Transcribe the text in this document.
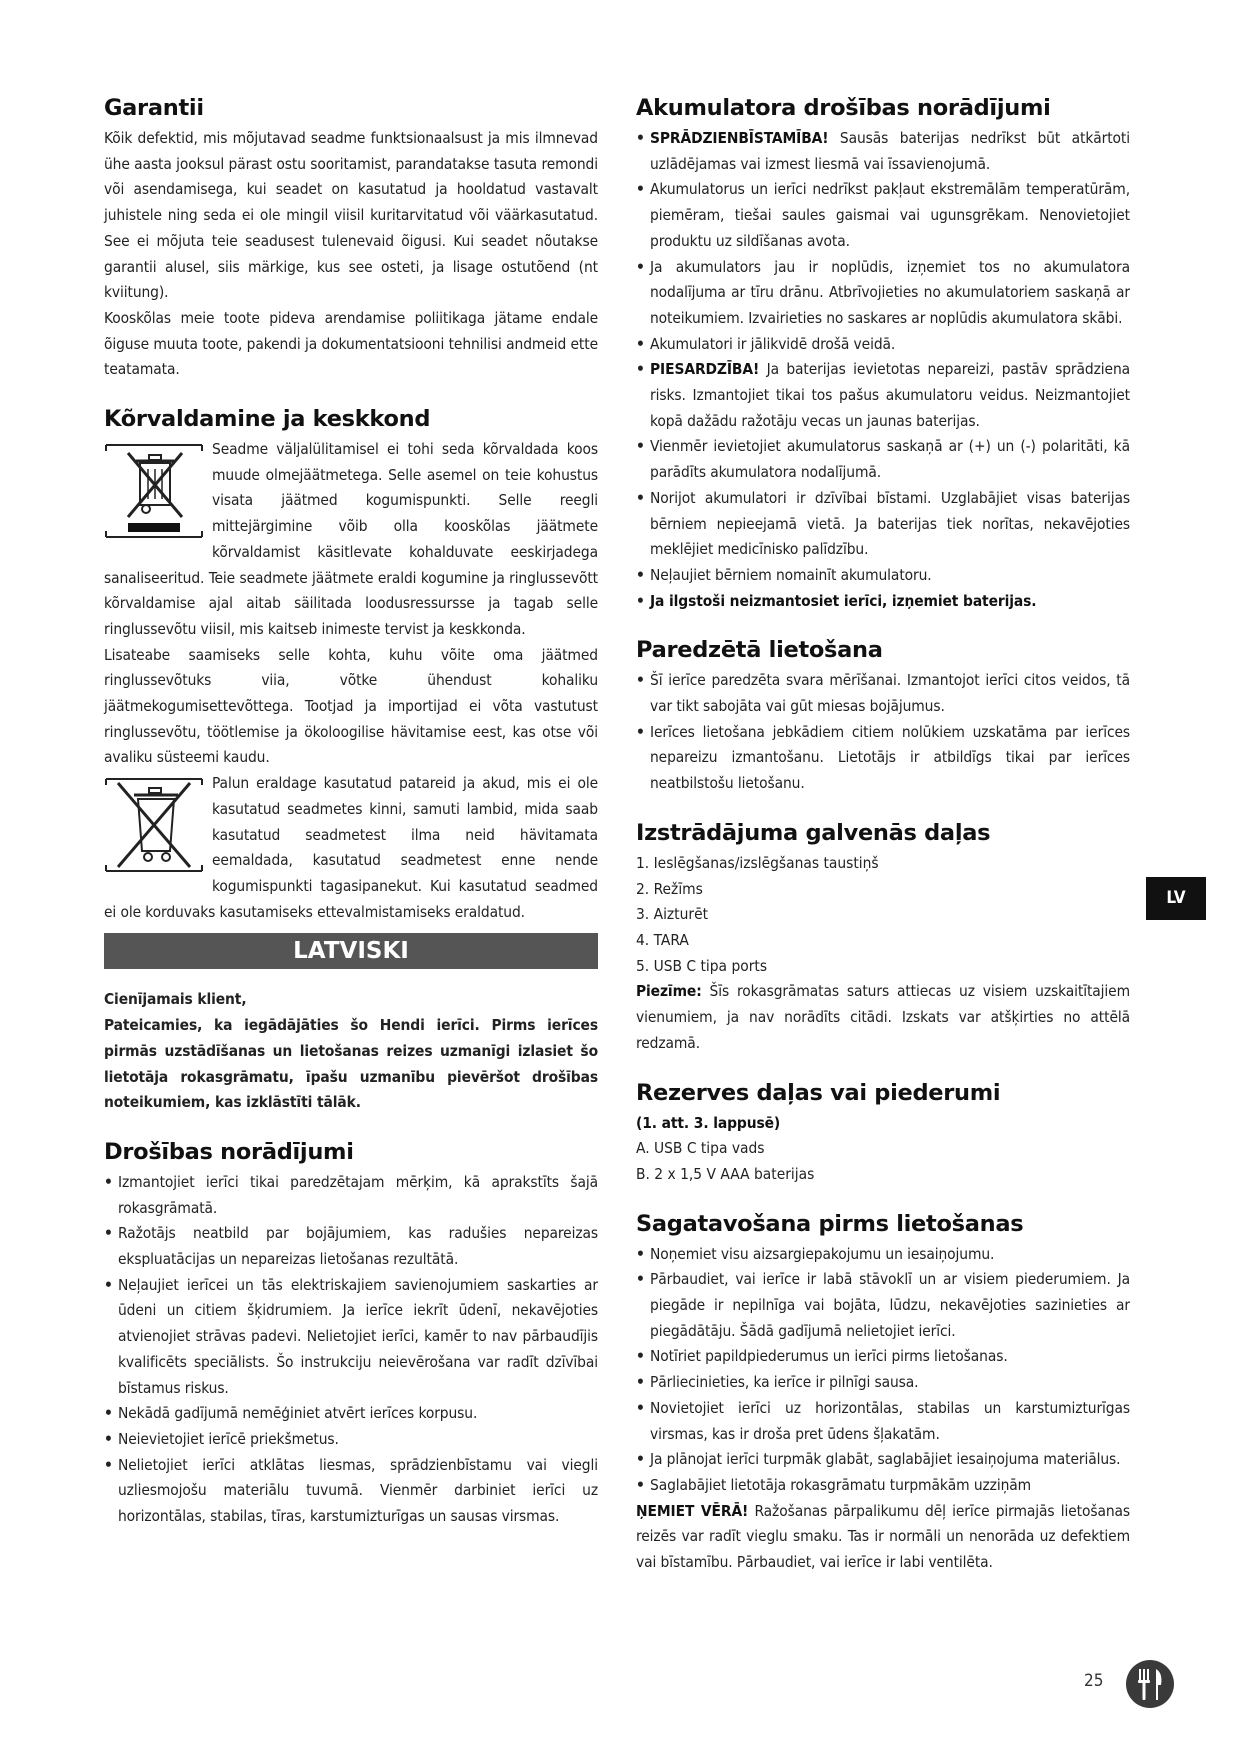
Garantii

Kõik defektid, mis mõjutavad seadme funktsionaalsust ja mis ilmnevad ühe aasta jooksul pärast ostu sooritamist, parandatakse tasuta remondi või asendamisega, kui seadet on kasutatud ja hooldatud vastavalt juhistele ning seda ei ole mingil viisil kuritarvitatud või väärkasutatud. See ei mõjuta teie seadusest tulenevaid õigusi. Kui seadet nõutakse garantii alusel, siis märkige, kus see osteti, ja lisage ostutõend (nt kviitung).

Kooskõlas meie toote pideva arendamise poliitikaga jätame endale õiguse muuta toote, pakendi ja dokumentatsiooni tehnilisi andmeid ette teatamata.

Kõrvaldamine ja keskkond

Seadme väljalülitamisel ei tohi seda kõrvaldada koos muude olmejäätmetega. Selle asemel on teie kohustus visata jäätmed kogumispunkti. Selle reegli mittejärgimine võib olla kooskõlas jäätmete kõrvaldamist käsitlevate kohalduvate eeskirjadega sanaliseeritud. Teie seadmete jäätmete eraldi kogumine ja ringlussevõtt kõrvaldamise ajal aitab säilitada loodusressursse ja tagab selle ringlussevõtu viisil, mis kaitseb inimeste tervist ja keskkonda.

Lisateabe saamiseks selle kohta, kuhu võite oma jäätmed ringlussevõtuks viia, võtke ühendust kohaliku jäätmekogumisettevõttega. Tootjad ja importijad ei võta vastutust ringlussevõtu, töötlemise ja ökoloogilise hävitamise eest, kas otse või avaliku süsteemi kaudu.

Palun eraldage kasutatud patareid ja akud, mis ei ole kasutatud seadmetes kinni, samuti lambid, mida saab kasutatud seadmetest ilma neid hävitamata eemaldada, kasutatud seadmetest enne nende kogumispunkti tagasipanekut. Kui kasutatud seadmed ei ole korduvaks kasutamiseks ettevalmistamiseks eraldatud.

LATVISKI

Cienījamais klient,

Pateicamies, ka iegādājāties šo Hendi ierīci. Pirms ierīces pirmās uzstādīšanas un lietošanas reizes uzmanīgi izlasiet šo lietotāja rokasgrāmatu, īpašu uzmanību pievēršot drošības noteikumiem, kas izklāstīti tālāk.

Drošības norādījumi
• Izmantojiet ierīci tikai paredzētajam mērķim, kā aprakstīts šajā rokasgrāmatā.
• Ražotājs neatbild par bojājumiem, kas radušies nepareizas ekspluatācijas un nepareizas lietošanas rezultātā.
• Neļaujiet ierīcei un tās elektriskajiem savienojumiem saskarties ar ūdeni un citiem šķidrumiem. Ja ierīce iekrīt ūdenī, nekavējoties atvienojiet strāvas padevi. Nelietojiet ierīci, kamēr to nav pārbaudījis kvalificēts speciālists. Šo instrukciju neievērošana var radīt dzīvībai bīstamus riskus.
• Nekādā gadījumā nemēģiniet atvērt ierīces korpusu.
• Neievietojiet ierīcē priekšmetus.
• Nelietojiet ierīci atklātas liesmas, sprādzienbīstamu vai viegli uzliesmojošu materiālu tuvumā. Vienmēr darbiniet ierīci uz horizontālas, stabilas, tīras, karstumizturīgas un sausas virsmas.
Akumulatora drošības norādījumi
• SPRĀDZIENBĪSTAMĪBA! Sausās baterijas nedrīkst būt atkārtoti uzlādējamas vai izmest liesmā vai īssavienojumā.
• Akumulatorus un ierīci nedrīkst pakļaut ekstremālām temperatūrām, piemēram, tiešai saules gaismai vai ugunsgrēkam. Nenovietojiet produktu uz sildīšanas avota.
• Ja akumulators jau ir noplūdis, izņemiet tos no akumulatora nodalījuma ar tīru drānu. Atbrīvojieties no akumulatoriem saskaņā ar noteikumiem. Izvairieties no saskares ar noplūdis akumulatora skābi.
• Akumulatori ir jālikvidē drošā veidā.
• PIESARDZĪBA! Ja baterijas ievietotas nepareizi, pastāv sprādziena risks. Izmantojiet tikai tos pašus akumulatoru veidus. Neizmantojiet kopā dažādu ražotāju vecas un jaunas baterijas.
• Vienmēr ievietojiet akumulatorus saskaņā ar (+) un (-) polaritāti, kā parādīts akumulatora nodalījumā.
• Norijot akumulatori ir dzīvībai bīstami. Uzglabājiet visas baterijas bērniem nepieejamā vietā. Ja baterijas tiek norītas, nekavējoties meklējiet medicīnisko palīdzību.
• Neļaujiet bērniem nomainīt akumulatoru.
• Ja ilgstoši neizmantosiet ierīci, izņemiet baterijas.
Paredzētā lietošana
• Šī ierīce paredzēta svara mērīšanai. Izmantojot ierīci citos veidos, tā var tikt sabojāta vai gūt miesas bojājumus.
• Ierīces lietošana jebkādiem citiem nolūkiem uzskatāma par ierīces nepareizu izmantošanu. Lietotājs ir atbildīgs tikai par ierīces neatbilstošu lietošanu.
Izstrādājuma galvenās daļas
1. Ieslēgšanas/izslēgšanas taustiņš
2. Režīms
3. Aizturēt
4. TARA
5. USB C tipa ports

Piezīme: Šīs rokasgrāmatas saturs attiecas uz visiem uzskaitītajiem vienumiem, ja nav norādīts citādi. Izskats var atšķirties no attēlā redzamā.

Rezerves daļas vai piederumi

(1. att. 3. lappusē)

A. USB C tipa vads
B. 2 x 1,5 V AAA baterijas
Sagatavošana pirms lietošanas
• Noņemiet visu aizsargiepakojumu un iesaiņojumu.
• Pārbaudiet, vai ierīce ir labā stāvoklī un ar visiem piederumiem. Ja piegāde ir nepilnīga vai bojāta, lūdzu, nekavējoties sazinieties ar piegādātāju. Šādā gadījumā nelietojiet ierīci.
• Notīriet papildpiederumus un ierīci pirms lietošanas.
• Pārliecinieties, ka ierīce ir pilnīgi sausa.
• Novietojiet ierīci uz horizontālas, stabilas un karstumizturīgas virsmas, kas ir droša pret ūdens šļakatām.
• Ja plānojat ierīci turpmāk glabāt, saglabājiet iesaiņojuma materiālus.
• Saglabājiet lietotāja rokasgrāmatu turpmākām uzziņām

ŅEMIET VĒRĀ! Ražošanas pārpalikumu dēļ ierīce pirmajās lietošanas reizēs var radīt vieglu smaku. Tas ir normāli un nenorāda uz defektiem vai bīstamību. Pārbaudiet, vai ierīce ir labi ventilēta.

LV
25
